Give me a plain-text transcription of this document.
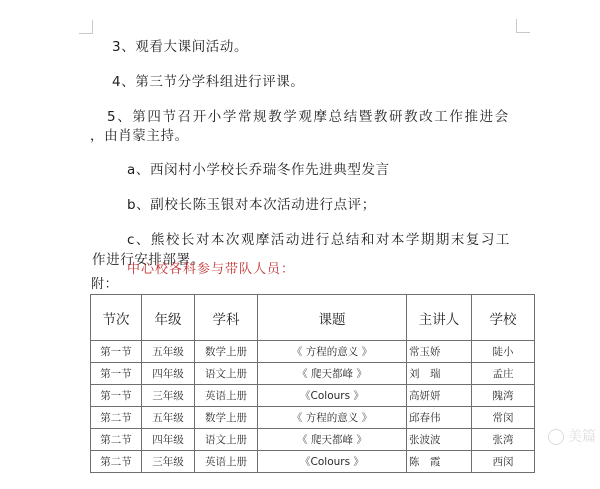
3、观看大课间活动。
4、第三节分学科组进行评课。
5、第四节召开小学常规教学观摩总结暨教研教改工作推进会
，由肖蒙主持。
a、西闵村小学校长乔瑞冬作先进典型发言
b、副校长陈玉银对本次活动进行点评；
c、熊校长对本次观摩活动进行总结和对本学期期末复习工
作进行安排部署。
中心校各科参与带队人员：
附：
节次	年级	学科	课题	主讲人	学校
第一节	五年级	数学上册	《 方程的意义 》	常玉娇	陡小
第一节	四年级	语文上册	《 爬天都峰 》	刘　瑞	孟庄
第一节	三年级	英语上册	《Colours 》	高妍妍	隗湾
第二节	五年级	数学上册	《 方程的意义 》	邱春伟	常闵
第二节	四年级	语文上册	《 爬天都峰 》	张波波	张湾
第二节	三年级	英语上册	《Colours 》	陈　霞	西闵
美篇
